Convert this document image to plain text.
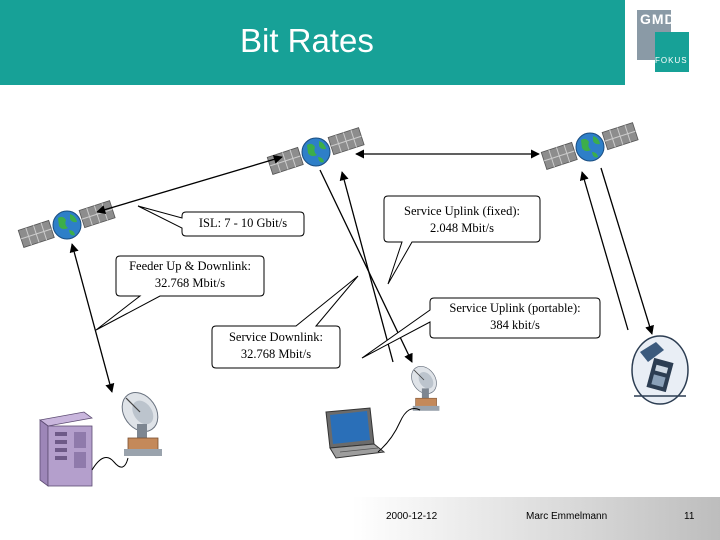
Bit Rates
GMD
FOKUS
ISL: 7 - 10 Gbit/s
Service Uplink (fixed):
2.048 Mbit/s
Feeder Up & Downlink:
32.768 Mbit/s
Service Uplink (portable):
384 kbit/s
Service Downlink:
32.768 Mbit/s
2000-12-12	Marc Emmelmann	11
